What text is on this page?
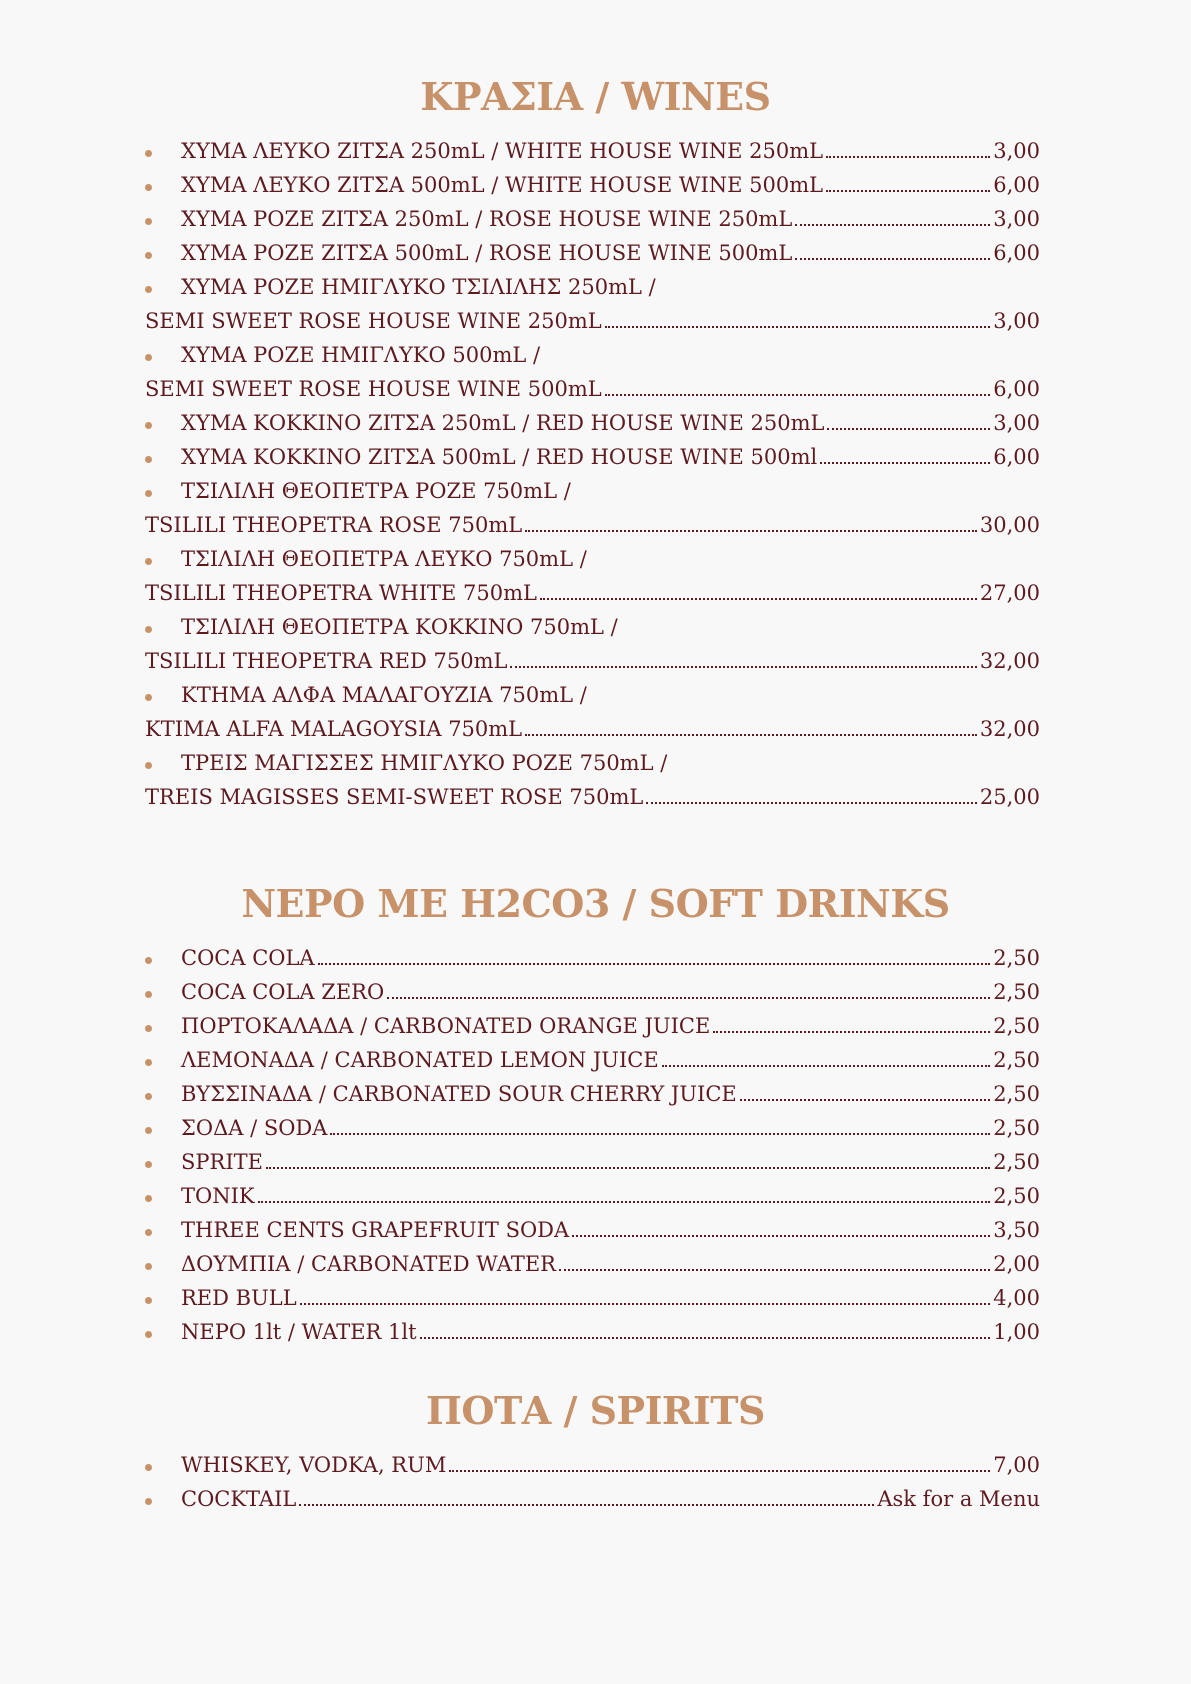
ΚΡΑΣΙΑ / WINES
ΧΥΜΑ ΛΕΥΚΟ ΖΙΤΣΑ 250mL / WHITE HOUSE WINE 250mL	3,00
ΧΥΜΑ ΛΕΥΚΟ ΖΙΤΣΑ 500mL / WHITE HOUSE WINE 500mL	6,00
ΧΥΜΑ ΡΟΖΕ ΖΙΤΣΑ 250mL / ROSE HOUSE WINE 250mL	3,00
ΧΥΜΑ ΡΟΖΕ ΖΙΤΣΑ 500mL / ROSE HOUSE WINE 500mL	6,00
ΧΥΜΑ ΡΟΖΕ ΗΜΙΓΛΥΚΟ ΤΣΙΛΙΛΗΣ 250mL /
SEMI SWEET ROSE HOUSE WINE 250mL	3,00
ΧΥΜΑ ΡΟΖΕ ΗΜΙΓΛΥΚΟ 500mL /
SEMI SWEET ROSE HOUSE WINE 500mL	6,00
ΧΥΜΑ ΚΟΚΚΙΝΟ ΖΙΤΣΑ 250mL / RED HOUSE WINE 250mL	3,00
ΧΥΜΑ ΚΟΚΚΙΝΟ ΖΙΤΣΑ 500mL / RED HOUSE WINE 500ml	6,00
ΤΣΙΛΙΛΗ ΘΕΟΠΕΤΡΑ ΡΟΖΕ 750mL /
TSILILI THEOPETRA ROSE 750mL	30,00
ΤΣΙΛΙΛΗ ΘΕΟΠΕΤΡΑ ΛΕΥΚΟ 750mL /
TSILILI THEOPETRA WHITE 750mL	27,00
ΤΣΙΛΙΛΗ ΘΕΟΠΕΤΡΑ ΚΟΚΚΙΝΟ 750mL /
TSILILI THEOPETRA RED 750mL	32,00
ΚΤΗΜΑ ΑΛΦΑ ΜΑΛΑΓΟΥΖΙΑ 750mL /
KTIMA ALFA MALAGOYSIA 750mL	32,00
ΤΡΕΙΣ ΜΑΓΙΣΣΕΣ ΗΜΙΓΛΥΚΟ ΡΟΖΕ 750mL /
TREIS MAGISSES SEMI-SWEET ROSE 750mL	25,00
ΝΕΡΟ ΜΕ Η2CO3 / SOFT DRINKS
COCA COLA	2,50
COCA COLA ZERO	2,50
ΠΟΡΤΟΚΑΛΑΔΑ / CARBONATED ORANGE JUICE	2,50
ΛΕΜΟΝΑΔΑ / CARBONATED LEMON JUICE	2,50
ΒΥΣΣΙΝΑΔΑ / CARBONATED SOUR CHERRY JUICE	2,50
ΣΟΔΑ / SODA	2,50
SPRITE	2,50
TONIK	2,50
THREE CENTS GRAPEFRUIT SODA	3,50
ΔΟΥΜΠΙΑ / CARBONATED WATER	2,00
RED BULL	4,00
ΝΕΡΟ 1lt / WATER 1lt	1,00
ΠΟΤΑ / SPIRITS
WHISKEY, VODKA, RUM	7,00
COCKTAIL	Ask for a Menu
